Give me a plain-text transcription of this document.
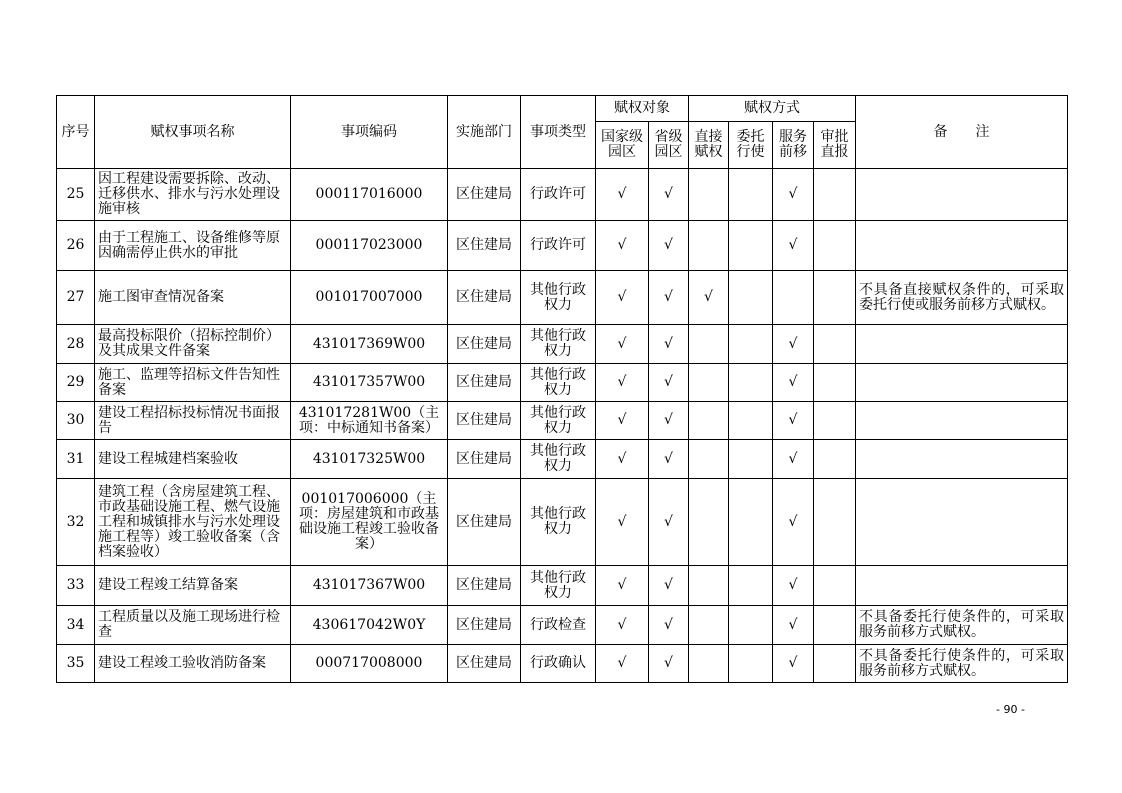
序号	赋权事项名称	事项编码	实施部门	事项类型	赋权对象		赋权方式				备　　注
					国家级园区	省级园区	直接赋权	委托行使	服务前移	审批直报	
25	因工程建设需要拆除、改动、迁移供水、排水与污水处理设施审核	000117016000	区住建局	行政许可	√	√			√		
26	由于工程施工、设备维修等原因确需停止供水的审批	000117023000	区住建局	行政许可	√	√			√		
27	施工图审查情况备案	001017007000	区住建局	其他行政权力	√	√	√				不具备直接赋权条件的，可采取委托行使或服务前移方式赋权。
28	最高投标限价（招标控制价）及其成果文件备案	431017369W00	区住建局	其他行政权力	√	√			√		
29	施工、监理等招标文件告知性备案	431017357W00	区住建局	其他行政权力	√	√			√		
30	建设工程招标投标情况书面报告	431017281W00（主项：中标通知书备案）	区住建局	其他行政权力	√	√			√		
31	建设工程城建档案验收	431017325W00	区住建局	其他行政权力	√	√			√		
32	建筑工程（含房屋建筑工程、市政基础设施工程、燃气设施工程和城镇排水与污水处理设施工程等）竣工验收备案（含档案验收）	001017006000（主项：房屋建筑和市政基础设施工程竣工验收备案）	区住建局	其他行政权力	√	√			√		
33	建设工程竣工结算备案	431017367W00	区住建局	其他行政权力	√	√			√		
34	工程质量以及施工现场进行检查	430617042W0Y	区住建局	行政检查	√	√			√		不具备委托行使条件的，可采取服务前移方式赋权。
35	建设工程竣工验收消防备案	000717008000	区住建局	行政确认	√	√			√		不具备委托行使条件的，可采取服务前移方式赋权。
- 90 -
